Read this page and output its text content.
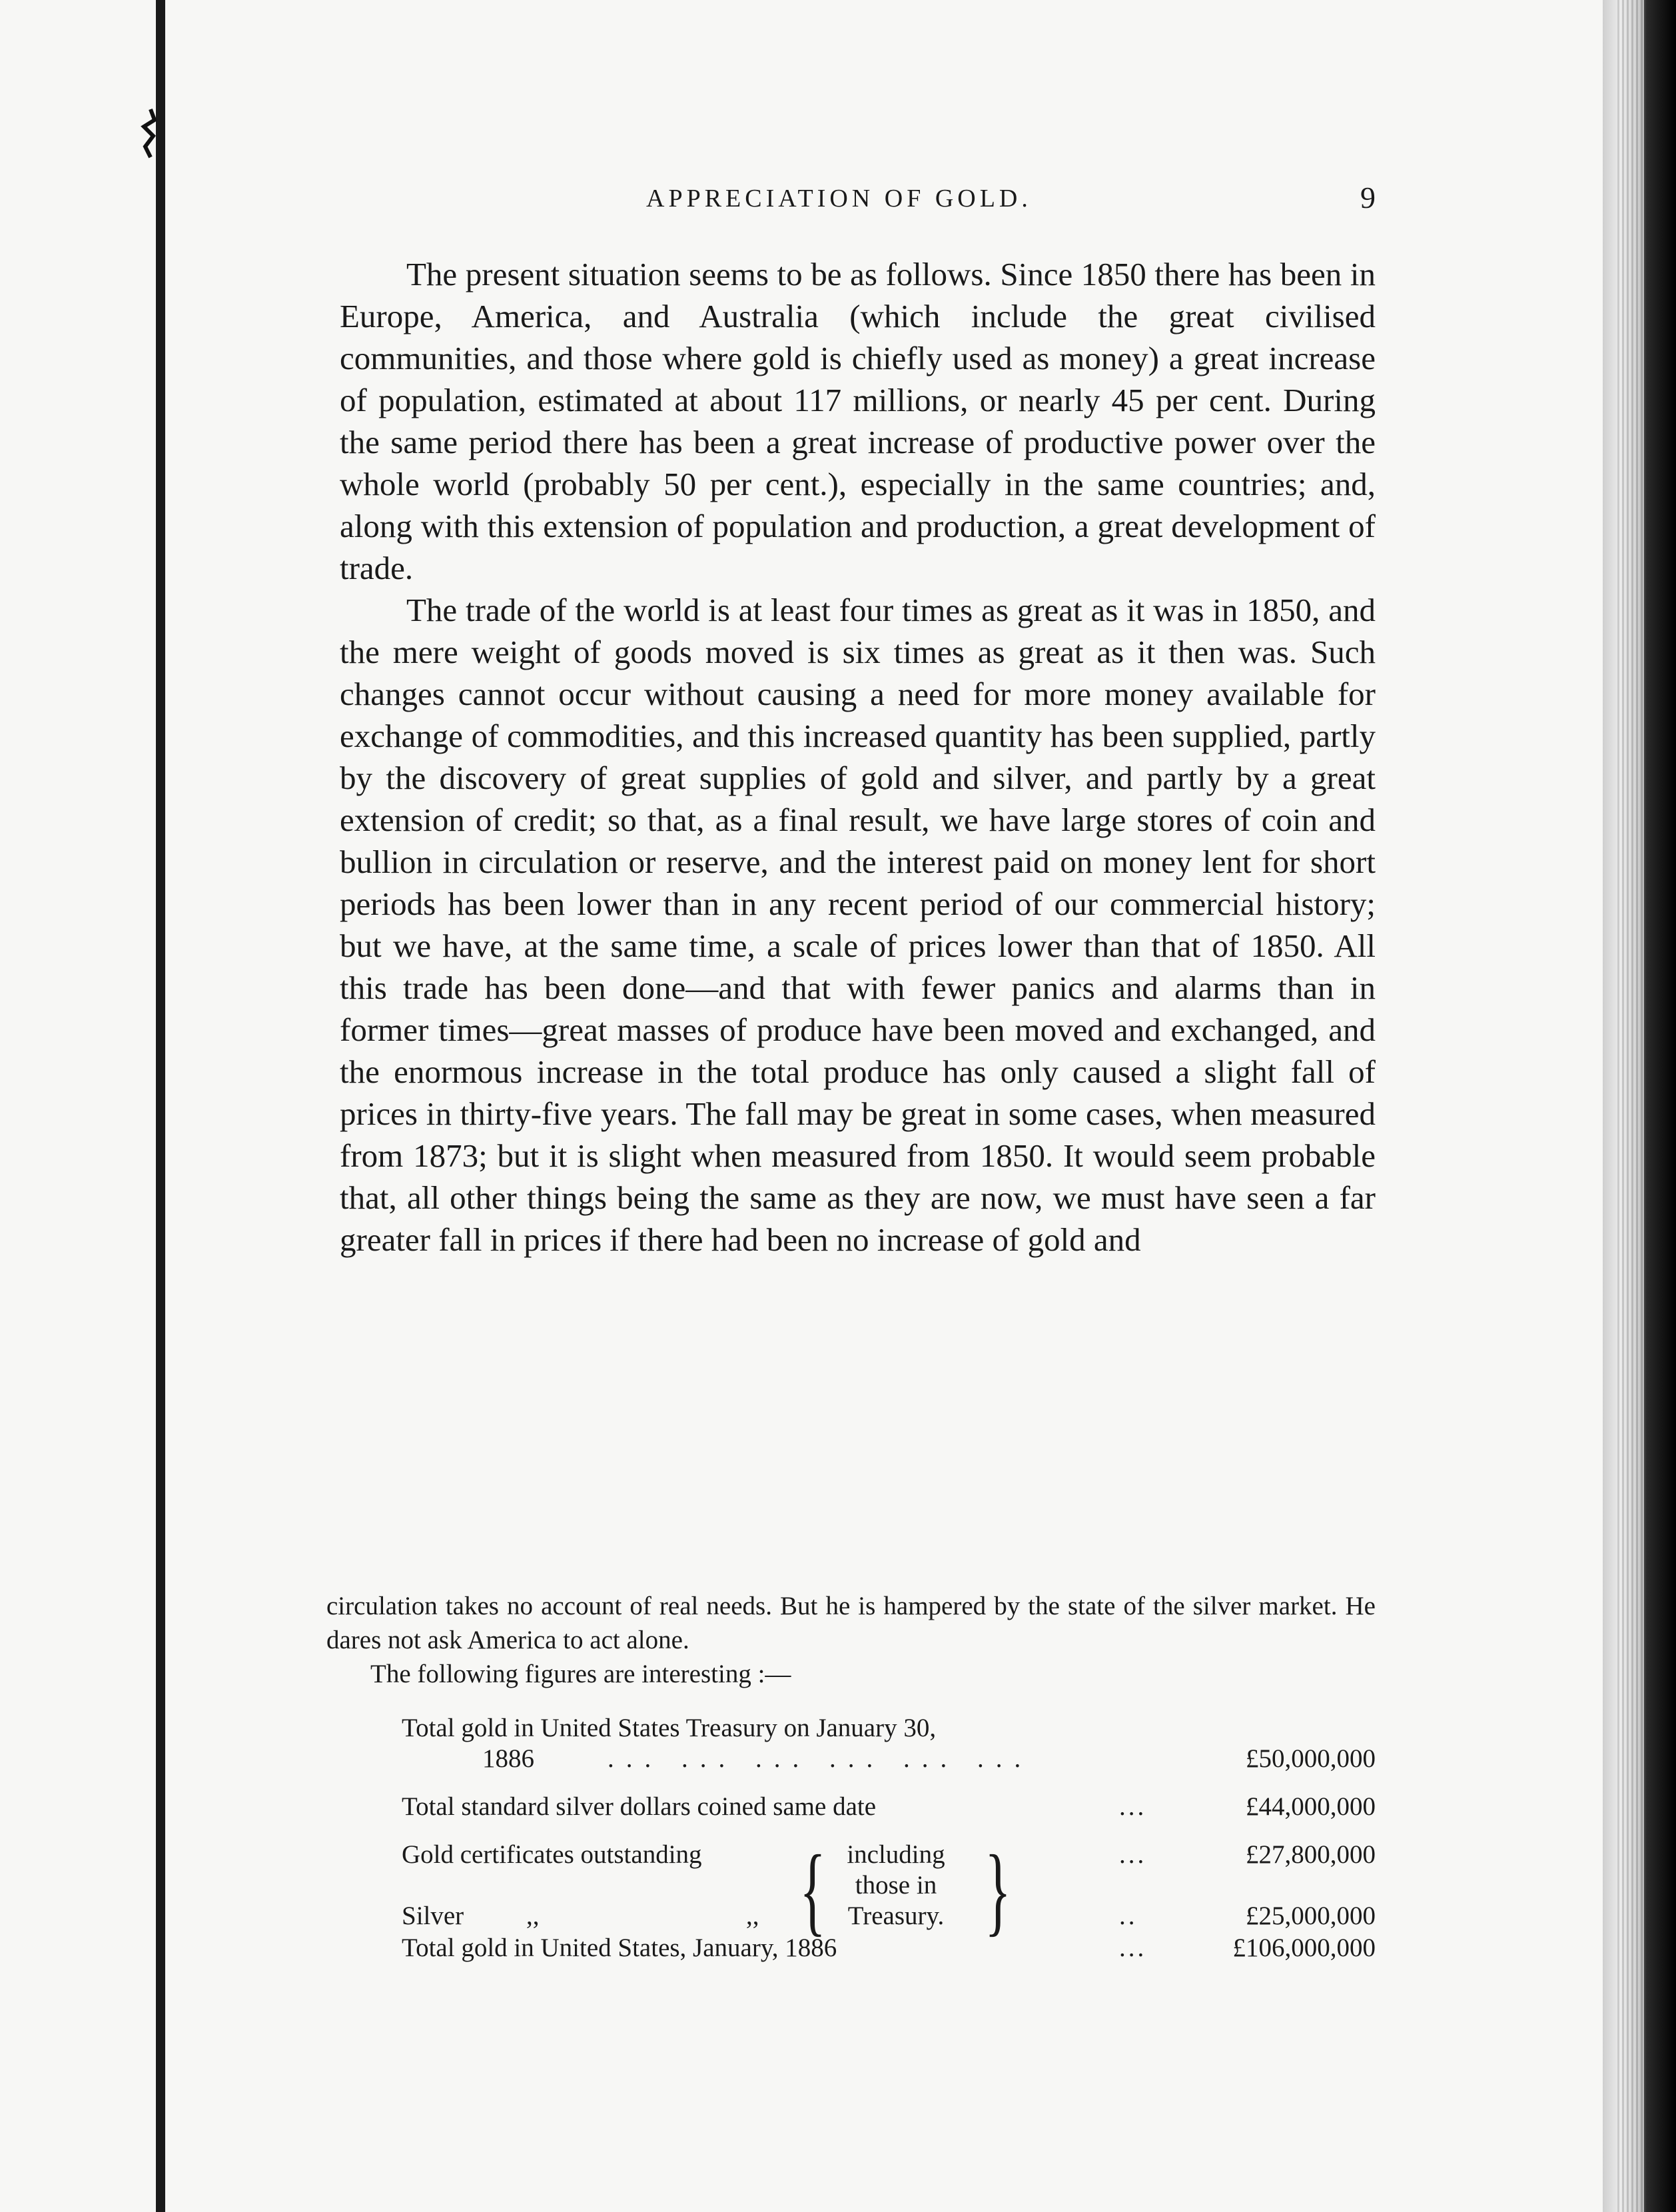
APPRECIATION OF GOLD.	9

The present situation seems to be as follows. Since 1850 there has been in Europe, America, and Australia (which include the great civilised communities, and those where gold is chiefly used as money) a great increase of population, estimated at about 117 millions, or nearly 45 per cent. During the same period there has been a great increase of productive power over the whole world (probably 50 per cent.), especially in the same countries; and, along with this extension of population and production, a great development of trade.

The trade of the world is at least four times as great as it was in 1850, and the mere weight of goods moved is six times as great as it then was. Such changes cannot occur without causing a need for more money available for exchange of commodities, and this increased quantity has been supplied, partly by the discovery of great supplies of gold and silver, and partly by a great extension of credit; so that, as a final result, we have large stores of coin and bullion in circulation or reserve, and the interest paid on money lent for short periods has been lower than in any recent period of our commercial history; but we have, at the same time, a scale of prices lower than that of 1850. All this trade has been done—and that with fewer panics and alarms than in former times—great masses of produce have been moved and exchanged, and the enormous increase in the total produce has only caused a slight fall of prices in thirty-five years. The fall may be great in some cases, when measured from 1873; but it is slight when measured from 1850. It would seem probable that, all other things being the same as they are now, we must have seen a far greater fall in prices if there had been no increase of gold and

circulation takes no account of real needs. But he is hampered by the state of the silver market. He dares not ask America to act alone.

The following figures are interesting :—

Total gold in United States Treasury on January 30,
1886	... ... ... ... ... ...	£50,000,000
Total standard silver dollars coined same date	...	£44,000,000
Gold certificates outstanding	...	£27,800,000
{ including
those in
Treasury. }
Silver ,,	,,	..	£25,000,000
Total gold in United States, January, 1886	...	£106,000,000
